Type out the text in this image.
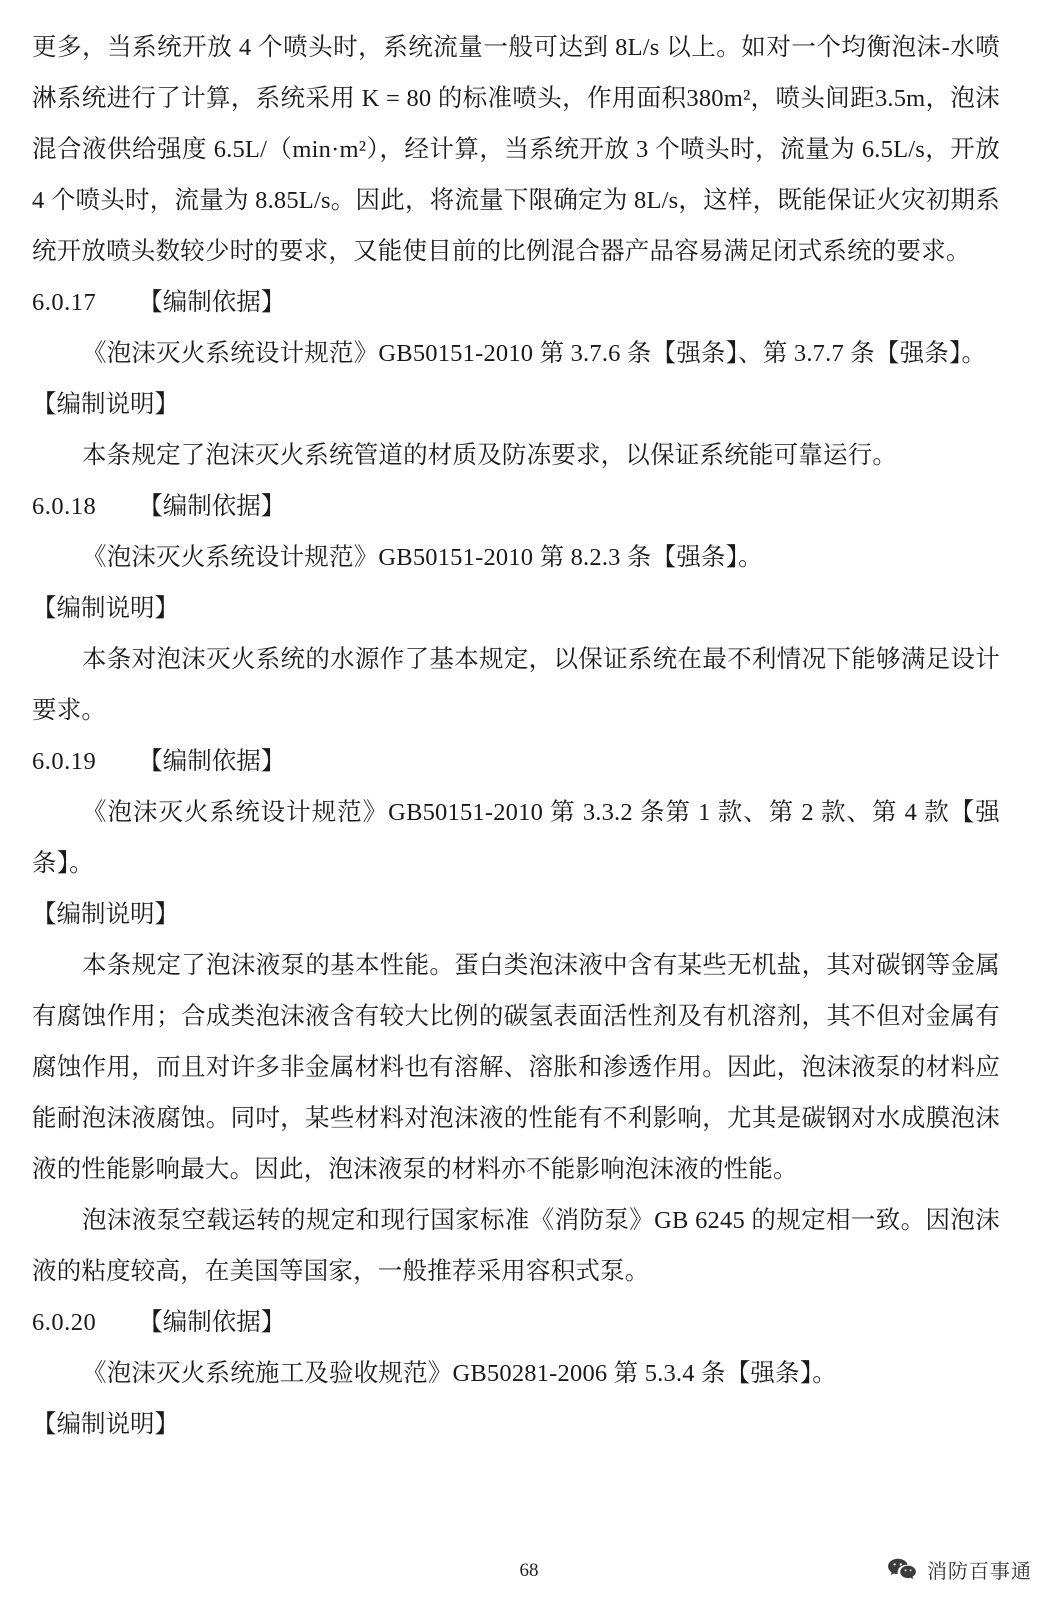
更多，当系统开放 4 个喷头时，系统流量一般可达到 8L/s 以上。如对一个均衡泡沫-水喷淋系统进行了计算，系统采用 K = 80 的标准喷头，作用面积380m²，喷头间距3.5m，泡沫混合液供给强度 6.5L/（min·m²），经计算，当系统开放 3 个喷头时，流量为 6.5L/s，开放 4 个喷头时，流量为 8.85L/s。因此，将流量下限确定为 8L/s，这样，既能保证火灾初期系统开放喷头数较少时的要求，又能使目前的比例混合器产品容易满足闭式系统的要求。

6.0.17 【编制依据】

《泡沫灭火系统设计规范》GB50151-2010 第 3.7.6 条【强条】、第 3.7.7 条【强条】。

【编制说明】

本条规定了泡沫灭火系统管道的材质及防冻要求，以保证系统能可靠运行。

6.0.18 【编制依据】

《泡沫灭火系统设计规范》GB50151-2010 第 8.2.3 条【强条】。

【编制说明】

本条对泡沫灭火系统的水源作了基本规定，以保证系统在最不利情况下能够满足设计要求。

6.0.19 【编制依据】

《泡沫灭火系统设计规范》GB50151-2010 第 3.3.2 条第 1 款、第 2 款、第 4 款【强条】。

【编制说明】

本条规定了泡沫液泵的基本性能。蛋白类泡沫液中含有某些无机盐，其对碳钢等金属有腐蚀作用；合成类泡沫液含有较大比例的碳氢表面活性剂及有机溶剂，其不但对金属有腐蚀作用，而且对许多非金属材料也有溶解、溶胀和渗透作用。因此，泡沫液泵的材料应能耐泡沫液腐蚀。同吋，某些材料对泡沫液的性能有不利影响，尤其是碳钢对水成膜泡沫液的性能影响最大。因此，泡沫液泵的材料亦不能影响泡沫液的性能。

泡沫液泵空载运转的规定和现行国家标准《消防泵》GB 6245 的规定相一致。因泡沫液的粘度较高，在美国等国家，一般推荐采用容积式泵。

6.0.20 【编制依据】

《泡沫灭火系统施工及验收规范》GB50281-2006 第 5.3.4 条【强条】。

【编制说明】
68	消防百事通
